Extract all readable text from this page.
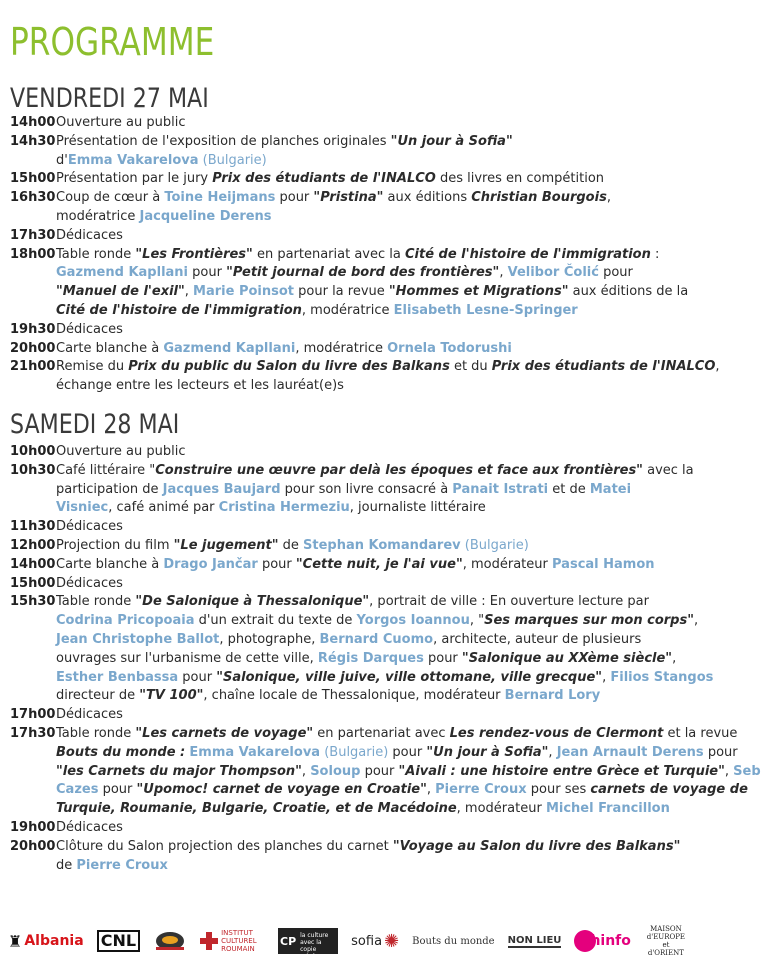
PROGRAMME
VENDREDI 27 MAI
14h00 Ouverture au public
14h30 Présentation de l'exposition de planches originales "Un jour à Sofia"
d'Emma Vakarelova (Bulgarie)
15h00 Présentation par le jury Prix des étudiants de l'INALCO des livres en compétition
16h30 Coup de cœur à Toine Heijmans pour "Pristina" aux éditions Christian Bourgois,
modératrice Jacqueline Derens
17h30 Dédicaces
18h00 Table ronde "Les Frontières" en partenariat avec la Cité de l'histoire de l'immigration :
Gazmend Kapllani pour "Petit journal de bord des frontières", Velibor Čolić pour
"Manuel de l'exil", Marie Poinsot pour la revue "Hommes et Migrations" aux éditions de la
Cité de l'histoire de l'immigration, modératrice Elisabeth Lesne-Springer
19h30 Dédicaces
20h00 Carte blanche à Gazmend Kapllani, modératrice Ornela Todorushi
21h00 Remise du Prix du public du Salon du livre des Balkans et du Prix des étudiants de l'INALCO,
échange entre les lecteurs et les lauréat(e)s
SAMEDI 28 MAI
10h00 Ouverture au public
10h30 Café littéraire "Construire une œuvre par delà les époques et face aux frontières" avec la
participation de Jacques Baujard pour son livre consacré à Panait Istrati et de Matei
Visniec, café animé par Cristina Hermeziu, journaliste littéraire
11h30 Dédicaces
12h00 Projection du film "Le jugement" de Stephan Komandarev (Bulgarie)
14h00 Carte blanche à Drago Jančar pour "Cette nuit, je l'ai vue", modérateur Pascal Hamon
15h00 Dédicaces
15h30 Table ronde "De Salonique à Thessalonique", portrait de ville : En ouverture lecture par
Codrina Pricopoaia d'un extrait du texte de Yorgos Ioannou, "Ses marques sur mon corps",
Jean Christophe Ballot, photographe, Bernard Cuomo, architecte, auteur de plusieurs
ouvrages sur l'urbanisme de cette ville, Régis Darques pour "Salonique au XXème siècle",
Esther Benbassa pour "Salonique, ville juive, ville ottomane, ville grecque", Filios Stangos
directeur de "TV 100", chaîne locale de Thessalonique, modérateur Bernard Lory
17h00 Dédicaces
17h30 Table ronde "Les carnets de voyage" en partenariat avec Les rendez-vous de Clermont et la revue
Bouts du monde : Emma Vakarelova (Bulgarie) pour "Un jour à Sofia", Jean Arnault Derens pour
"les Carnets du major Thompson", Soloup pour "Aivali : une histoire entre Grèce et Turquie", Seb
Cazes pour "Upomoc! carnet de voyage en Croatie", Pierre Croux pour ses carnets de voyage de
Turquie, Roumanie, Bulgarie, Croatie, et de Macédoine, modérateur Michel Francillon
19h00 Dédicaces
20h00 Clôture du Salon projection des planches du carnet "Voyage au Salon du livre des Balkans"
de Pierre Croux
♜ Albania CNL	INSTITUT CULTUREL ROUMAIN
CP la culture avec la copie privée
sofia ✺ Bouts du monde NON LIEU bhinfo
MAISON d'EUROPE et d'ORIENT
